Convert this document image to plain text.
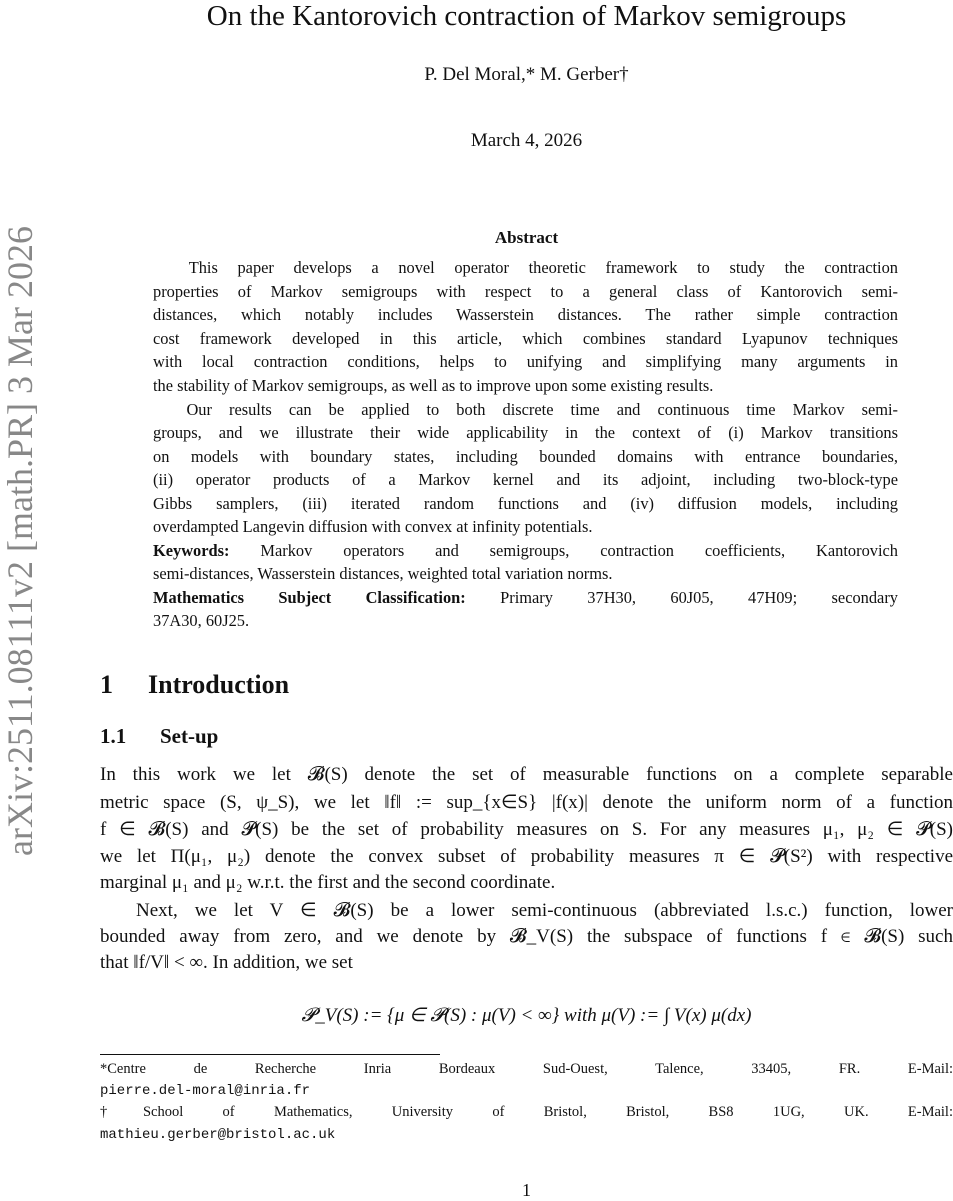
arXiv:2511.08111v2 [math.PR] 3 Mar 2026
On the Kantorovich contraction of Markov semigroups
P. Del Moral,* M. Gerber†
March 4, 2026
Abstract
  This paper develops a novel operator theoretic framework to study the contraction
properties of Markov semigroups with respect to a general class of Kantorovich semi-
distances, which notably includes Wasserstein distances. The rather simple contraction
cost framework developed in this article, which combines standard Lyapunov techniques
with local contraction conditions, helps to unifying and simplifying many arguments in
the stability of Markov semigroups, as well as to improve upon some existing results.
  Our results can be applied to both discrete time and continuous time Markov semi-
groups, and we illustrate their wide applicability in the context of (i) Markov transitions
on models with boundary states, including bounded domains with entrance boundaries,
(ii) operator products of a Markov kernel and its adjoint, including two-block-type
Gibbs samplers, (iii) iterated random functions and (iv) diffusion models, including
overdampted Langevin diffusion with convex at infinity potentials.
Keywords: Markov operators and semigroups, contraction coefficients, Kantorovich
semi-distances, Wasserstein distances, weighted total variation norms.
Mathematics Subject Classification: Primary 37H30, 60J05, 47H09; secondary
37A30, 60J25.
1 Introduction
1.1 Set-up
In this work we let 𝓑(S) denote the set of measurable functions on a complete separable
metric space (S, ψ_S), we let ‖f‖ := sup_{x∈S} |f(x)| denote the uniform norm of a function
f ∈ 𝓑(S) and 𝓟(S) be the set of probability measures on S. For any measures μ₁, μ₂ ∈ 𝓟(S)
we let Π(μ₁, μ₂) denote the convex subset of probability measures π ∈ 𝓟(S²) with respective
marginal μ₁ and μ₂ w.r.t. the first and the second coordinate.
  Next, we let V ∈ 𝓑(S) be a lower semi-continuous (abbreviated l.s.c.) function, lower
bounded away from zero, and we denote by 𝓑_V(S) the subspace of functions f ∈ 𝓑(S) such
that ‖f/V‖ < ∞. In addition, we set
𝓟_V(S) := {μ ∈ 𝓟(S) : μ(V) < ∞} with μ(V) := ∫ V(x) μ(dx)
*Centre de Recherche Inria Bordeaux Sud-Ouest, Talence, 33405, FR. E-Mail:
pierre.del-moral@inria.fr
†School of Mathematics, University of Bristol, Bristol, BS8 1UG, UK. E-Mail:
mathieu.gerber@bristol.ac.uk
1
